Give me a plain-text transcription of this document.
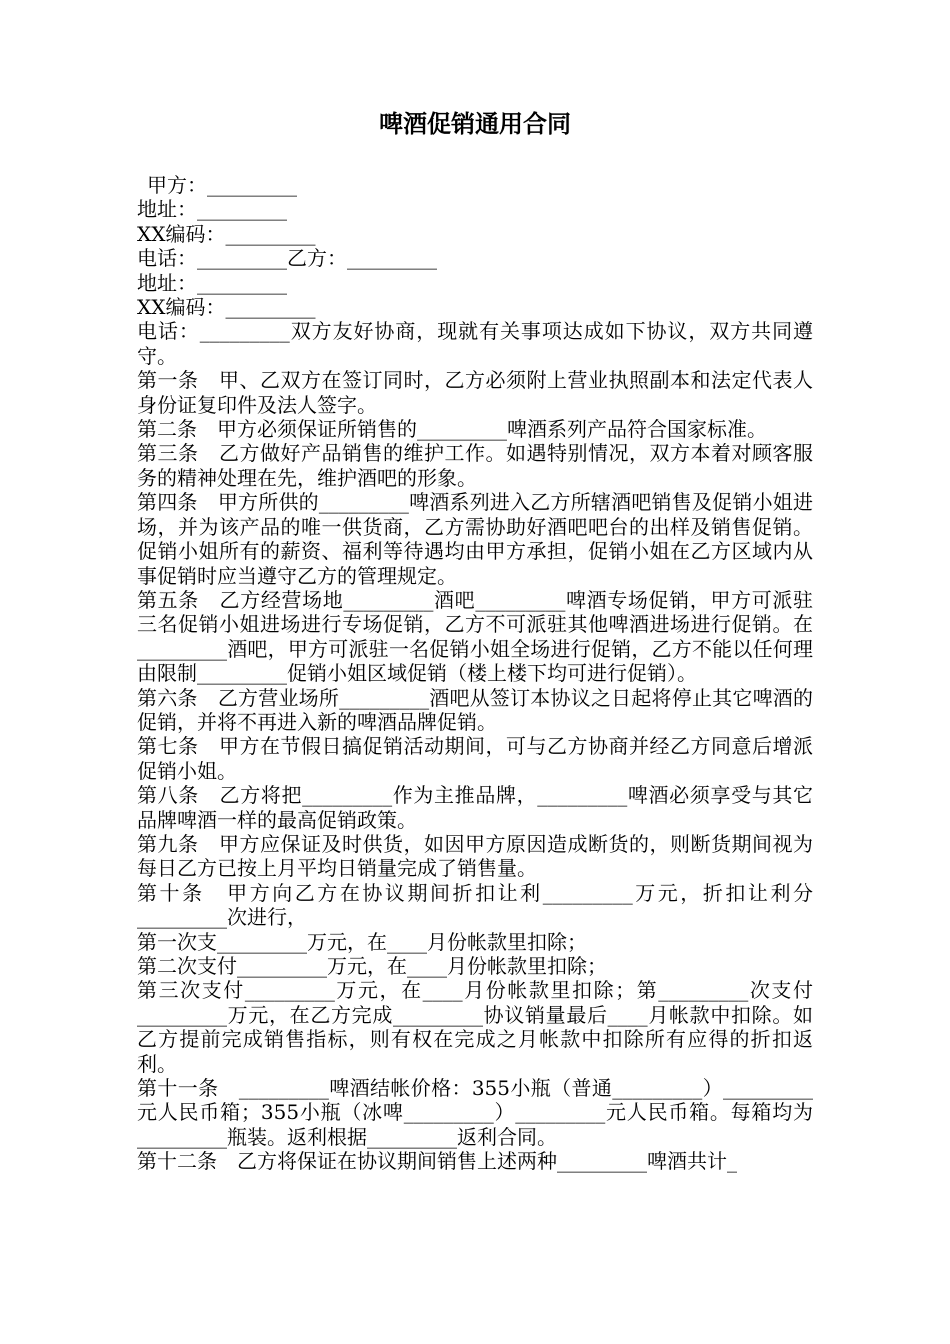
啤酒促销通用合同

甲方：_________

地址：_________

XX编码：_________

电话：_________乙方：_________

地址：_________

XX编码：_________

电话：_________双方友好协商，现就有关事项达成如下协议，双方共同遵守。

第一条　甲、乙双方在签订同时，乙方必须附上营业执照副本和法定代表人身份证复印件及法人签字。

第二条　甲方必须保证所销售的_________啤酒系列产品符合国家标准。

第三条　乙方做好产品销售的维护工作。如遇特别情况，双方本着对顾客服务的精神处理在先，维护酒吧的形象。

第四条　甲方所供的_________啤酒系列进入乙方所辖酒吧销售及促销小姐进场，并为该产品的唯一供货商，乙方需协助好酒吧吧台的出样及销售促销。促销小姐所有的薪资、福利等待遇均由甲方承担，促销小姐在乙方区域内从事促销时应当遵守乙方的管理规定。

第五条　乙方经营场地_________酒吧_________啤酒专场促销，甲方可派驻三名促销小姐进场进行专场促销，乙方不可派驻其他啤酒进场进行促销。在_________酒吧，甲方可派驻一名促销小姐全场进行促销，乙方不能以任何理由限制_________促销小姐区域促销（楼上楼下均可进行促销）。

第六条　乙方营业场所_________酒吧从签订本协议之日起将停止其它啤酒的促销，并将不再进入新的啤酒品牌促销。

第七条　甲方在节假日搞促销活动期间，可与乙方协商并经乙方同意后增派促销小姐。

第八条　乙方将把_________作为主推品牌，_________啤酒必须享受与其它品牌啤酒一样的最高促销政策。

第九条　甲方应保证及时供货，如因甲方原因造成断货的，则断货期间视为每日乙方已按上月平均日销量完成了销售量。

第十条　甲方向乙方在协议期间折扣让利_________万元，折扣让利分_________次进行，

第一次支_________万元，在____月份帐款里扣除；

第二次支付_________万元，在____月份帐款里扣除；

第三次支付_________万元，在____月份帐款里扣除；第_________次支付_________万元，在乙方完成_________协议销量最后____月帐款中扣除。如乙方提前完成销售指标，则有权在完成之月帐款中扣除所有应得的折扣返利。

第十一条　_________啤酒结帐价格：355小瓶（普通_________）_________元人民币箱；355小瓶（冰啤_________）_________元人民币箱。每箱均为_________瓶装。返利根据_________返利合同。

第十二条　乙方将保证在协议期间销售上述两种_________啤酒共计_
